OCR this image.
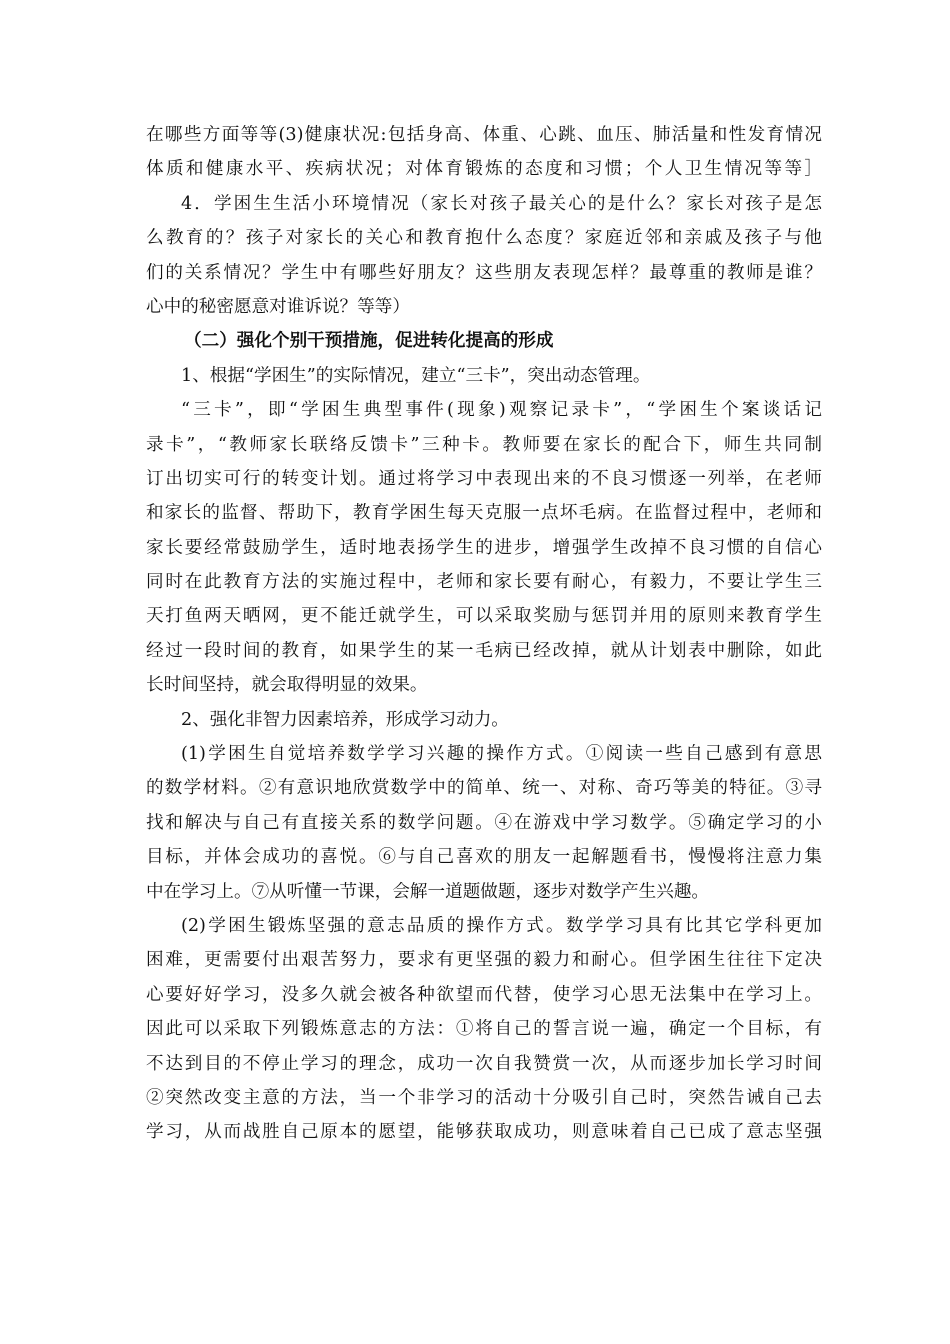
在哪些方面等等(3)健康状况:包括身高、体重、心跳、血压、肺活量和性发育情况
体质和健康水平、疾病状况；对体育锻炼的态度和习惯；个人卫生情况等等］
4．学困生生活小环境情况（家长对孩子最关心的是什么？家长对孩子是怎
么教育的？孩子对家长的关心和教育抱什么态度？家庭近邻和亲戚及孩子与他
们的关系情况？学生中有哪些好朋友？这些朋友表现怎样？最尊重的教师是谁？
心中的秘密愿意对谁诉说？等等）
（二）强化个别干预措施，促进转化提高的形成
1、根据“学困生”的实际情况，建立“三卡”，突出动态管理。
“三卡”，即“学困生典型事件(现象)观察记录卡”，“学困生个案谈话记
录卡”，“教师家长联络反馈卡”三种卡。教师要在家长的配合下，师生共同制
订出切实可行的转变计划。通过将学习中表现出来的不良习惯逐一列举，在老师
和家长的监督、帮助下，教育学困生每天克服一点坏毛病。在监督过程中，老师和
家长要经常鼓励学生，适时地表扬学生的进步，增强学生改掉不良习惯的自信心
同时在此教育方法的实施过程中，老师和家长要有耐心，有毅力，不要让学生三
天打鱼两天晒网，更不能迁就学生，可以采取奖励与惩罚并用的原则来教育学生
经过一段时间的教育，如果学生的某一毛病已经改掉，就从计划表中删除，如此
长时间坚持，就会取得明显的效果。
2、强化非智力因素培养，形成学习动力。
(1)学困生自觉培养数学学习兴趣的操作方式。①阅读一些自己感到有意思
的数学材料。②有意识地欣赏数学中的简单、统一、对称、奇巧等美的特征。③寻
找和解决与自己有直接关系的数学问题。④在游戏中学习数学。⑤确定学习的小
目标，并体会成功的喜悦。⑥与自己喜欢的朋友一起解题看书，慢慢将注意力集
中在学习上。⑦从听懂一节课，会解一道题做题，逐步对数学产生兴趣。
(2)学困生锻炼坚强的意志品质的操作方式。数学学习具有比其它学科更加
困难，更需要付出艰苦努力，要求有更坚强的毅力和耐心。但学困生往往下定决
心要好好学习，没多久就会被各种欲望而代替，使学习心思无法集中在学习上。
因此可以采取下列锻炼意志的方法：①将自己的誓言说一遍，确定一个目标，有
不达到目的不停止学习的理念，成功一次自我赞赏一次，从而逐步加长学习时间
②突然改变主意的方法，当一个非学习的活动十分吸引自己时，突然告诫自己去
学习，从而战胜自己原本的愿望，能够获取成功，则意味着自己已成了意志坚强
